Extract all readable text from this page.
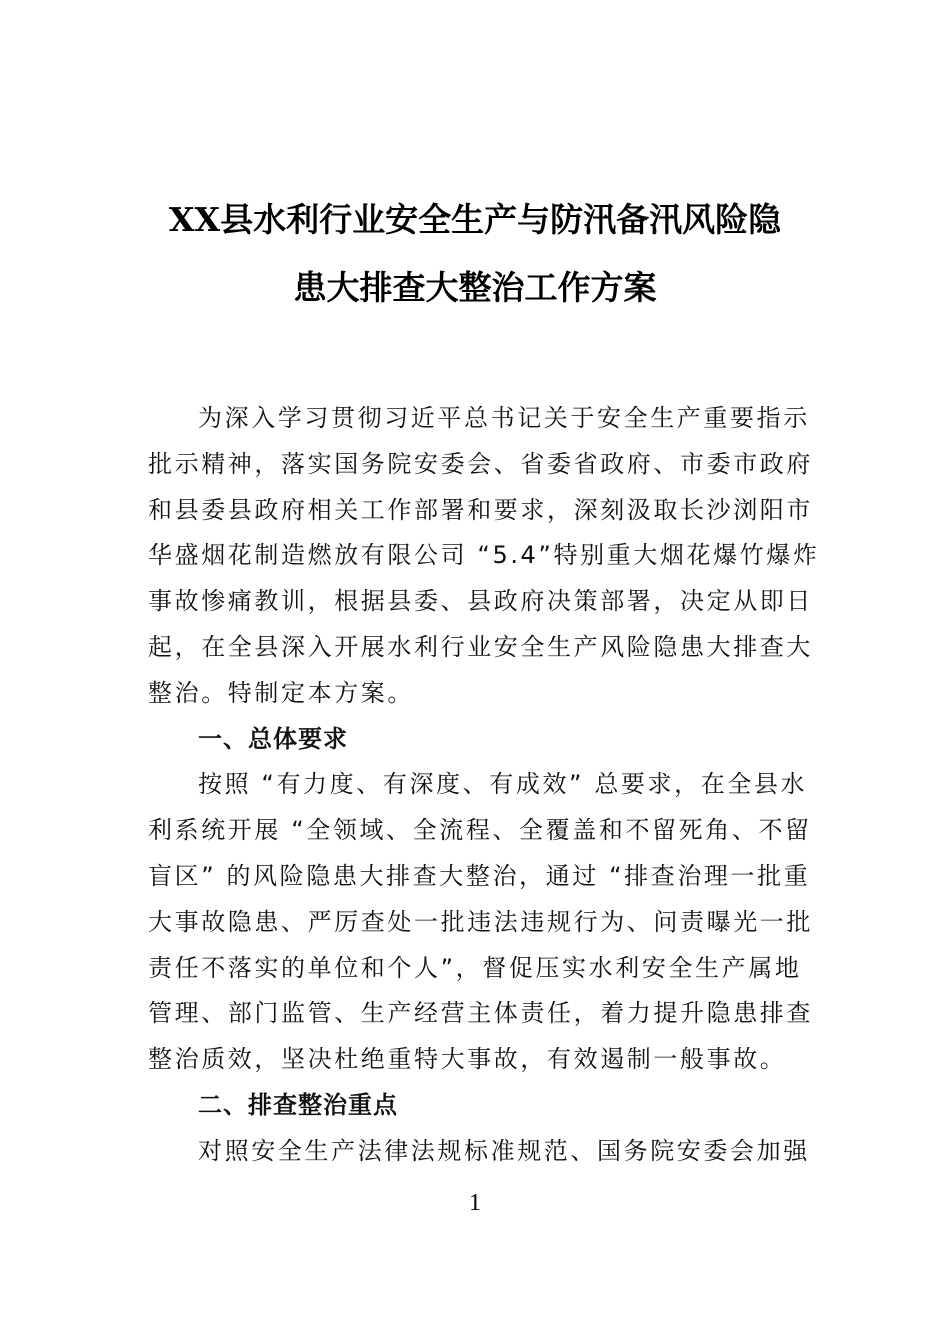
XX县水利行业安全生产与防汛备汛风险隐
患大排查大整治工作方案
为深入学习贯彻习近平总书记关于安全生产重要指示
批示精神，落实国务院安委会、省委省政府、市委市政府
和县委县政府相关工作部署和要求，深刻汲取长沙浏阳市
华盛烟花制造燃放有限公司 “5.4”特别重大烟花爆竹爆炸
事故惨痛教训，根据县委、县政府决策部署，决定从即日
起，在全县深入开展水利行业安全生产风险隐患大排查大
整治。特制定本方案。
一、总体要求
按照 “有力度、有深度、有成效” 总要求，在全县水
利系统开展 “全领域、全流程、全覆盖和不留死角、不留
盲区” 的风险隐患大排查大整治，通过 “排查治理一批重
大事故隐患、严厉查处一批违法违规行为、问责曝光一批
责任不落实的单位和个人”，督促压实水利安全生产属地
管理、部门监管、生产经营主体责任，着力提升隐患排查
整治质效，坚决杜绝重特大事故，有效遏制一般事故。
二、排查整治重点
对照安全生产法律法规标准规范、国务院安委会加强
1
